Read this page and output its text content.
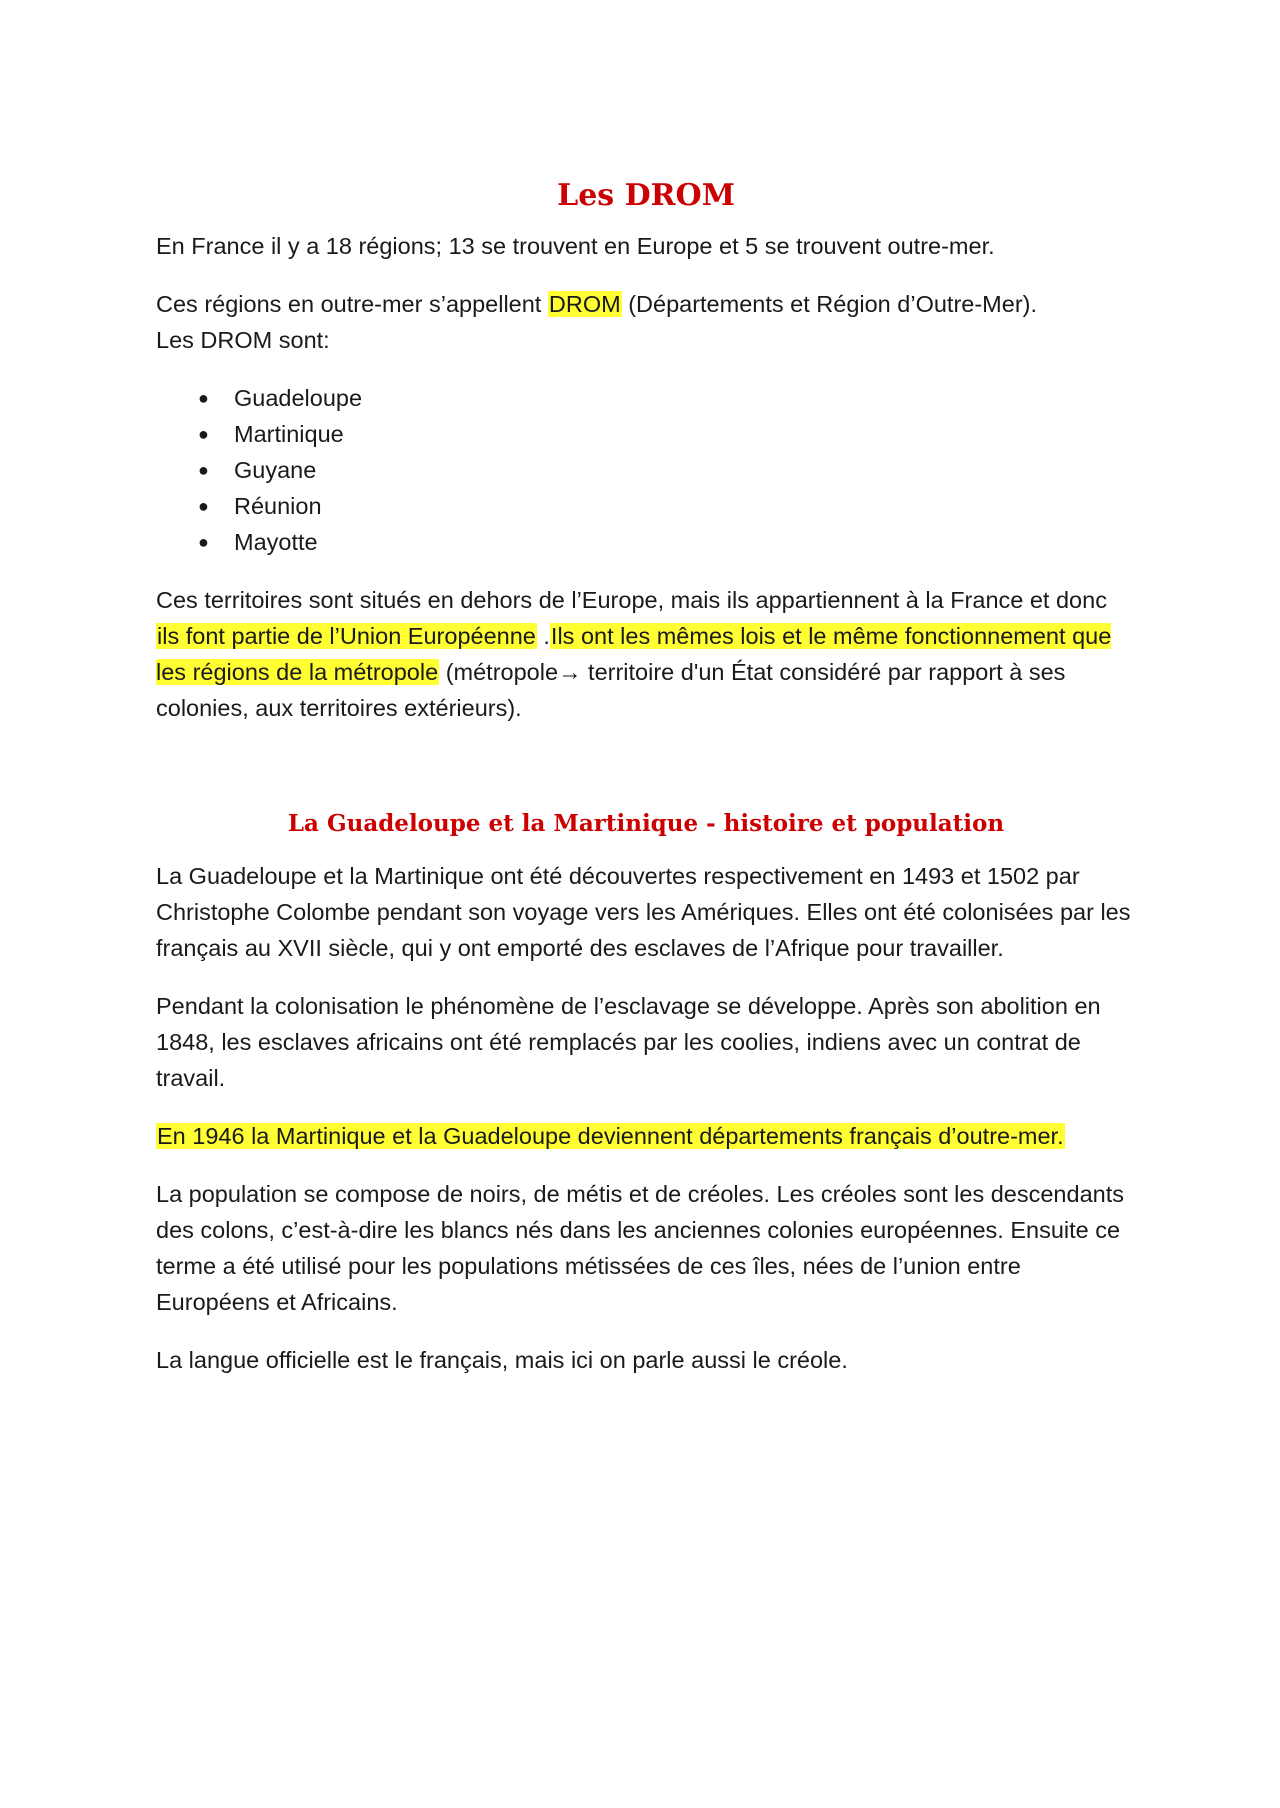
Les DROM

En France il y a 18 régions; 13 se trouvent en Europe et 5 se trouvent outre-mer.

Ces régions en outre-mer s’appellent DROM (Départements et Région d’Outre-Mer).
Les DROM sont:

● Guadeloupe
● Martinique
● Guyane
● Réunion
● Mayotte

Ces territoires sont situés en dehors de l’Europe, mais ils appartiennent à la France et donc ils font partie de l’Union Européenne .Ils ont les mêmes lois et le même fonctionnement que les régions de la métropole (métropole→ territoire d'un État considéré par rapport à ses colonies, aux territoires extérieurs).

La Guadeloupe et la Martinique - histoire et population

La Guadeloupe et la Martinique ont été découvertes respectivement en 1493 et 1502 par Christophe Colombe pendant son voyage vers les Amériques. Elles ont été colonisées par les français au XVII siècle, qui y ont emporté des esclaves de l’Afrique pour travailler.

Pendant la colonisation le phénomène de l’esclavage se développe. Après son abolition en 1848, les esclaves africains ont été remplacés par les coolies, indiens avec un contrat de travail.

En 1946 la Martinique et la Guadeloupe deviennent départements français d’outre-mer.

La population se compose de noirs, de métis et de créoles. Les créoles sont les descendants des colons, c’est-à-dire les blancs nés dans les anciennes colonies européennes. Ensuite ce terme a été utilisé pour les populations métissées de ces îles, nées de l’union entre Européens et Africains.

La langue officielle est le français, mais ici on parle aussi le créole.
